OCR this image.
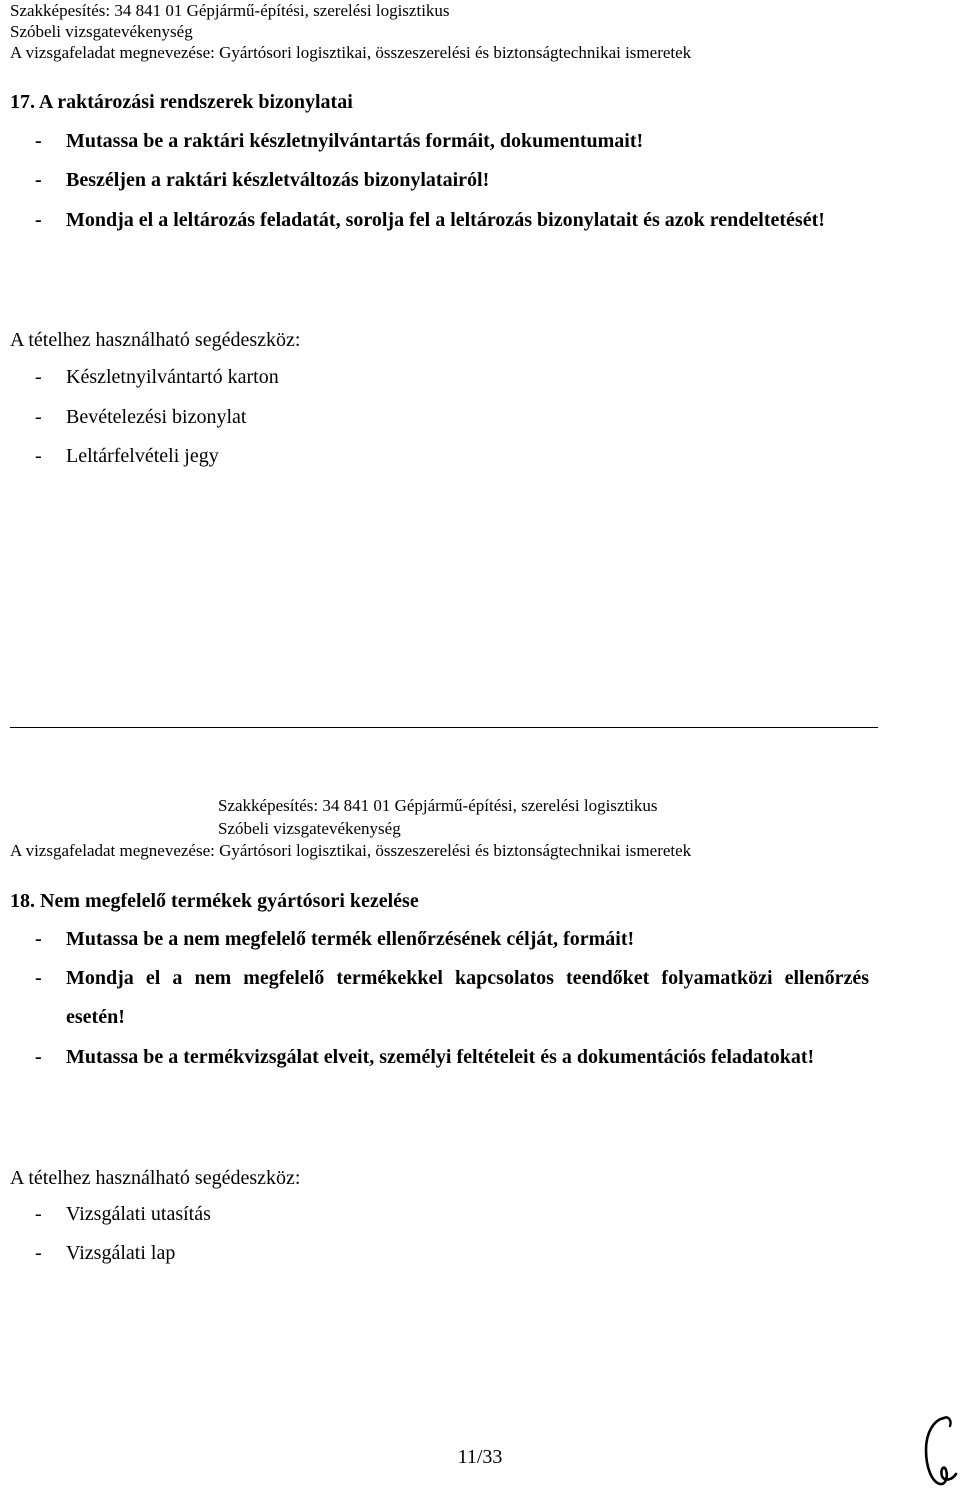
Szakképesítés: 34 841 01 Gépjármű-építési, szerelési logisztikus
Szóbeli vizsgatevékenység
A vizsgafeladat megnevezése: Gyártósori logisztikai, összeszerelési és biztonságtechnikai ismeretek
17. A raktározási rendszerek bizonylatai
-	Mutassa be a raktári készletnyilvántartás formáit, dokumentumait!
-	Beszéljen a raktári készletváltozás bizonylatairól!
-	Mondja el a leltározás feladatát, sorolja fel a leltározás bizonylatait és azok rendeltetését!
A tételhez használható segédeszköz:
-	Készletnyilvántartó karton
-	Bevételezési bizonylat
-	Leltárfelvételi jegy
Szakképesítés: 34 841 01 Gépjármű-építési, szerelési logisztikus
Szóbeli vizsgatevékenység
A vizsgafeladat megnevezése: Gyártósori logisztikai, összeszerelési és biztonságtechnikai ismeretek
18. Nem megfelelő termékek gyártósori kezelése
-	Mutassa be a nem megfelelő termék ellenőrzésének célját, formáit!
-	Mondja el a nem megfelelő termékekkel kapcsolatos teendőket folyamatközi ellenőrzés esetén!
-	Mutassa be a termékvizsgálat elveit, személyi feltételeit és a dokumentációs feladatokat!
A tételhez használható segédeszköz:
-	Vizsgálati utasítás
-	Vizsgálati lap
11/33
